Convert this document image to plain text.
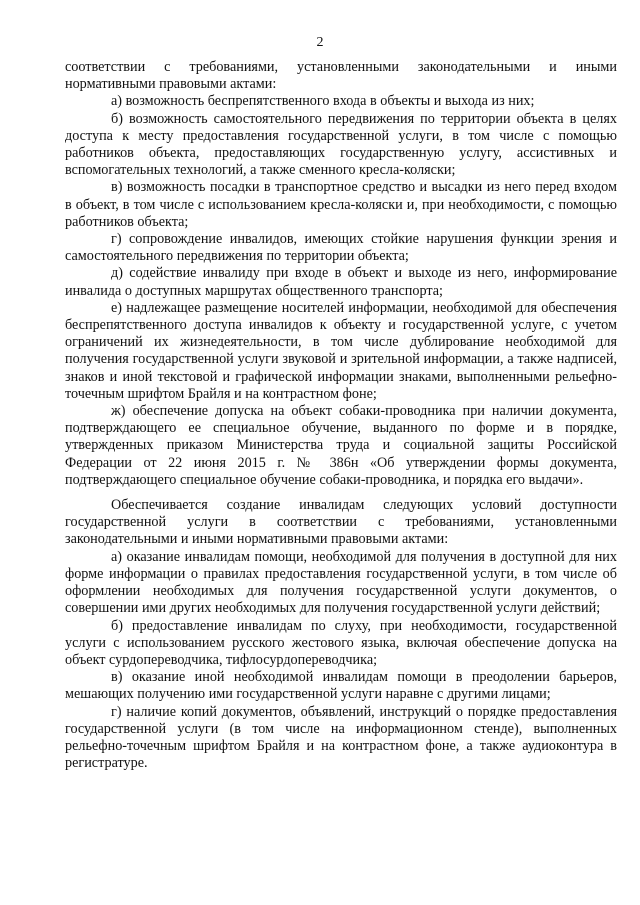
2

соответствии с требованиями, установленными законодательными и иными нормативными правовыми актами:

а) возможность беспрепятственного входа в объекты и выхода из них;

б) возможность самостоятельного передвижения по территории объекта в целях доступа к месту предоставления государственной услуги, в том числе с помощью работников объекта, предоставляющих государственную услугу, ассистивных и вспомогательных технологий, а также сменного кресла-коляски;

в) возможность посадки в транспортное средство и высадки из него перед входом в объект, в том числе с использованием кресла-коляски и, при необходимости, с помощью работников объекта;

г) сопровождение инвалидов, имеющих стойкие нарушения функции зрения и самостоятельного передвижения по территории объекта;

д) содействие инвалиду при входе в объект и выходе из него, информирование инвалида о доступных маршрутах общественного транспорта;

е) надлежащее размещение носителей информации, необходимой для обеспечения беспрепятственного доступа инвалидов к объекту и государственной услуге, с учетом ограничений их жизнедеятельности, в том числе дублирование необходимой для получения государственной услуги звуковой и зрительной информации, а также надписей, знаков и иной текстовой и графической информации знаками, выполненными рельефно-точечным шрифтом Брайля и на контрастном фоне;

ж) обеспечение допуска на объект собаки-проводника при наличии документа, подтверждающего ее специальное обучение, выданного по форме и в порядке, утвержденных приказом Министерства труда и социальной защиты Российской Федерации от 22 июня 2015 г. № 386н «Об утверждении формы документа, подтверждающего специальное обучение собаки-проводника, и порядка его выдачи».

Обеспечивается создание инвалидам следующих условий доступности государственной услуги в соответствии с требованиями, установленными законодательными и иными нормативными правовыми актами:

а) оказание инвалидам помощи, необходимой для получения в доступной для них форме информации о правилах предоставления государственной услуги, в том числе об оформлении необходимых для получения государственной услуги документов, о совершении ими других необходимых для получения государственной услуги действий;

б) предоставление инвалидам по слуху, при необходимости, государственной услуги с использованием русского жестового языка, включая обеспечение допуска на объект сурдопереводчика, тифлосурдопереводчика;

в) оказание иной необходимой инвалидам помощи в преодолении барьеров, мешающих получению ими государственной услуги наравне с другими лицами;

г) наличие копий документов, объявлений, инструкций о порядке предоставления государственной услуги (в том числе на информационном стенде), выполненных рельефно-точечным шрифтом Брайля и на контрастном фоне, а также аудиоконтура в регистратуре.
